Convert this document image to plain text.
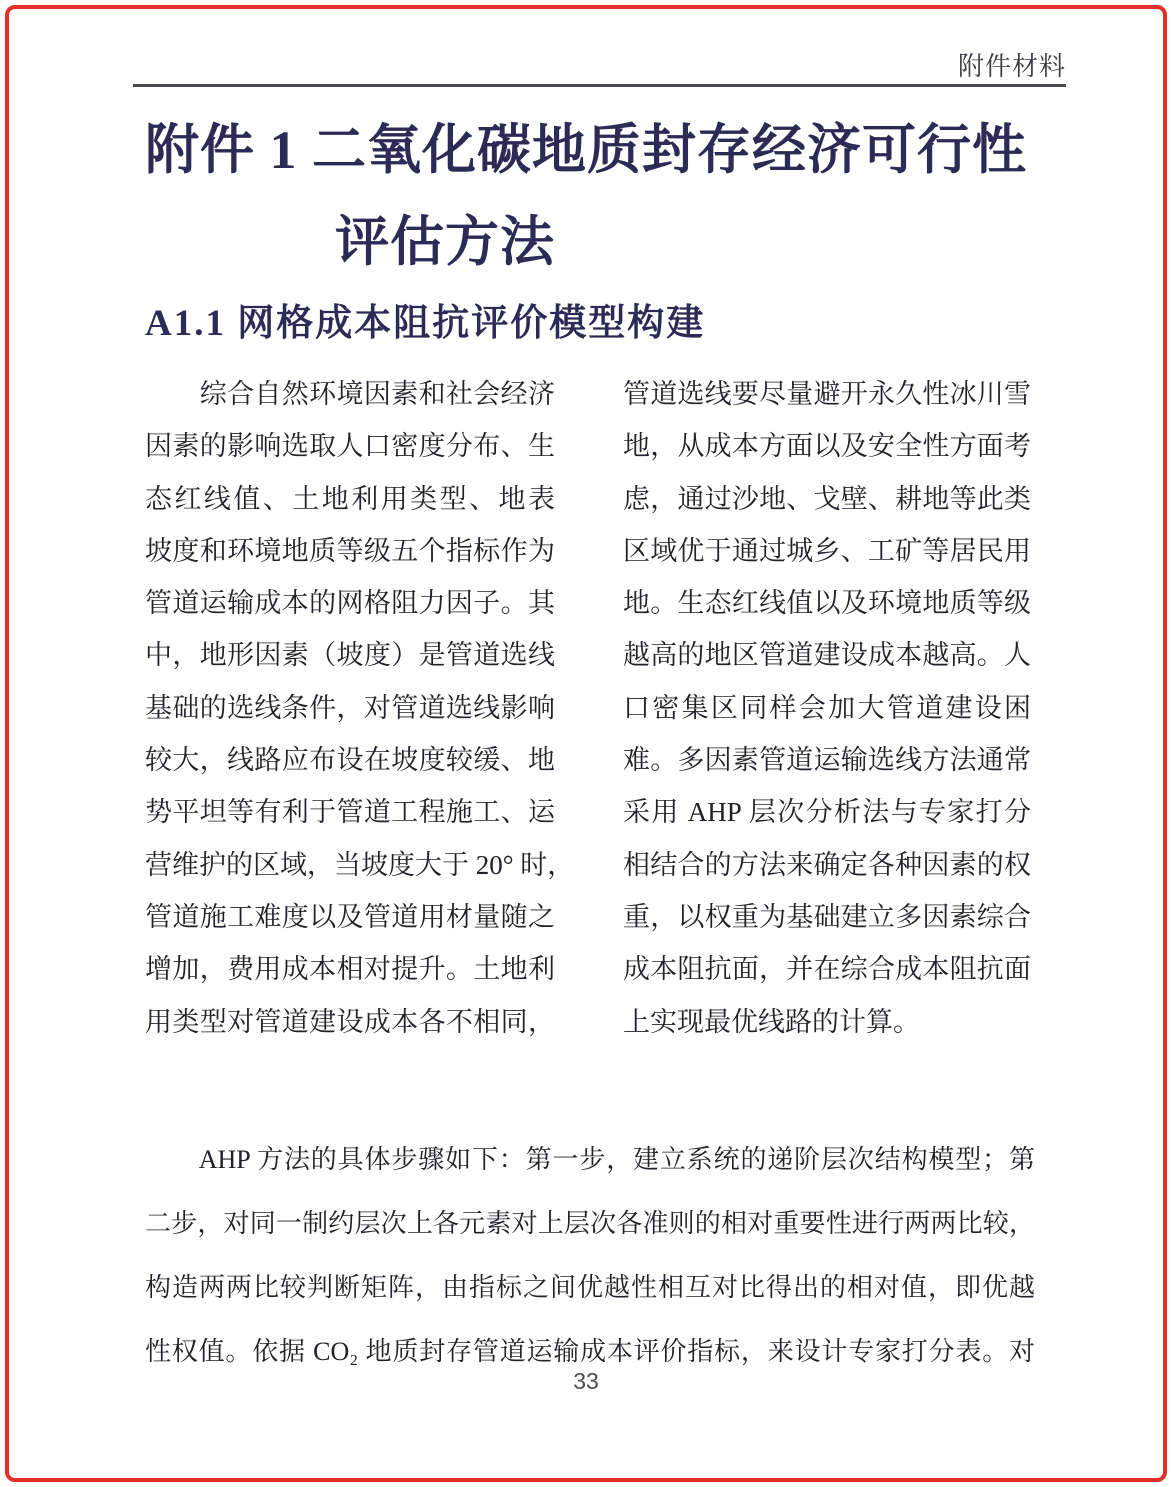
附件材料
附件 1 二氧化碳地质封存经济可行性
评估方法
A1.1 网格成本阻抗评价模型构建
　　综合自然环境因素和社会经济
因素的影响选取人口密度分布、生
态红线值、土地利用类型、地表
坡度和环境地质等级五个指标作为
管道运输成本的网格阻力因子。其
中，地形因素（坡度）是管道选线
基础的选线条件，对管道选线影响
较大，线路应布设在坡度较缓、地
势平坦等有利于管道工程施工、运
营维护的区域，当坡度大于 20° 时，
管道施工难度以及管道用材量随之
增加，费用成本相对提升。土地利
用类型对管道建设成本各不相同，
管道选线要尽量避开永久性冰川雪
地，从成本方面以及安全性方面考
虑，通过沙地、戈壁、耕地等此类
区域优于通过城乡、工矿等居民用
地。生态红线值以及环境地质等级
越高的地区管道建设成本越高。人
口密集区同样会加大管道建设困
难。多因素管道运输选线方法通常
采用 AHP 层次分析法与专家打分
相结合的方法来确定各种因素的权
重，以权重为基础建立多因素综合
成本阻抗面，并在综合成本阻抗面
上实现最优线路的计算。
　　AHP 方法的具体步骤如下：第一步，建立系统的递阶层次结构模型；第
二步，对同一制约层次上各元素对上层次各准则的相对重要性进行两两比较，
构造两两比较判断矩阵，由指标之间优越性相互对比得出的相对值，即优越
性权值。依据 CO₂ 地质封存管道运输成本评价指标，来设计专家打分表。对
33
